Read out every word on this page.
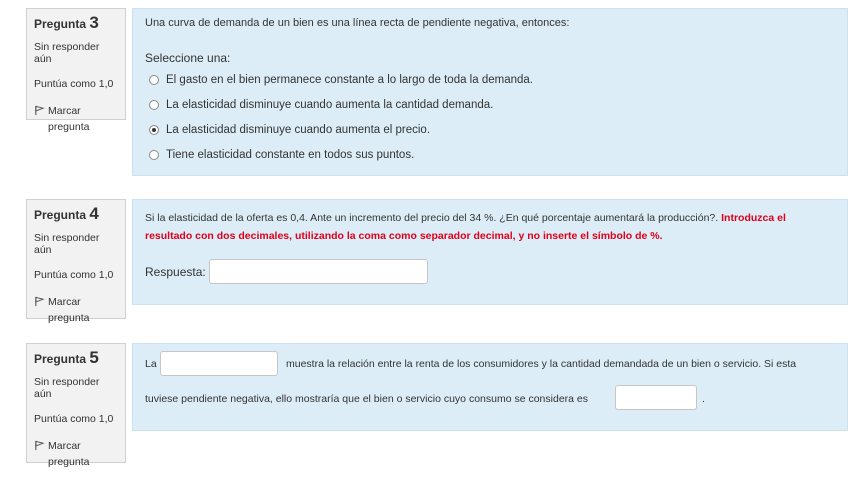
Pregunta 3
Sin responder aún
Puntúa como 1,0
Marcar pregunta
Una curva de demanda de un bien es una línea recta de pendiente negativa, entonces:
Seleccione una:
El gasto en el bien permanece constante a lo largo de toda la demanda.
La elasticidad disminuye cuando aumenta la cantidad demanda.
La elasticidad disminuye cuando aumenta el precio.
Tiene elasticidad constante en todos sus puntos.
Pregunta 4
Sin responder aún
Puntúa como 1,0
Marcar pregunta
Si la elasticidad de la oferta es 0,4. Ante un incremento del precio del 34 %. ¿En qué porcentaje aumentará la producción?. Introduzca el resultado con dos decimales, utilizando la coma como separador decimal, y no inserte el símbolo de %.
Respuesta:
Pregunta 5
Sin responder aún
Puntúa como 1,0
Marcar pregunta
La	muestra la relación entre la renta de los consumidores y la cantidad demandada de un bien o servicio. Si esta
tuviese pendiente negativa, ello mostraría que el bien o servicio cuyo consumo se considera es	.
